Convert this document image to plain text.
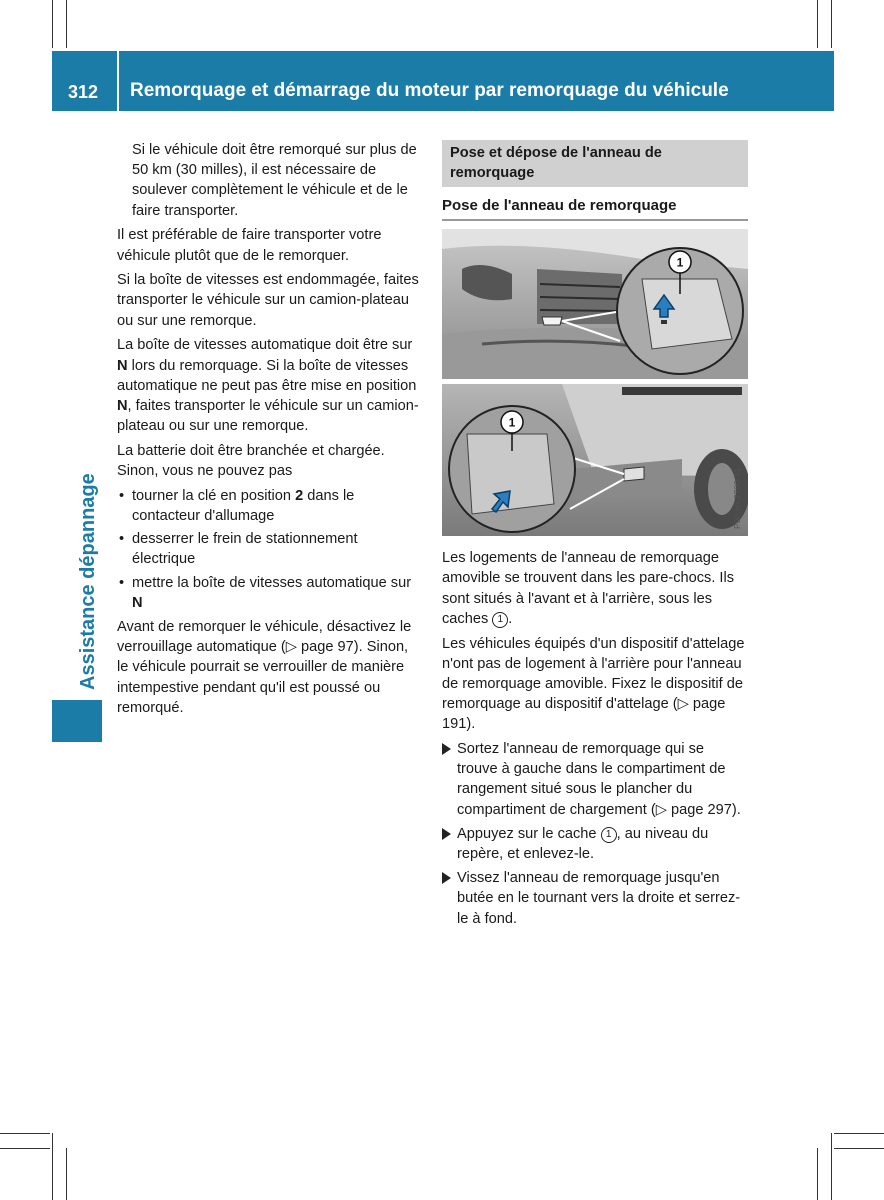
312	Remorquage et démarrage du moteur par remorquage du véhicule
Assistance dépannage

Si le véhicule doit être remorqué sur plus de 50 km (30 milles), il est nécessaire de soulever complètement le véhicule et de le faire transporter.

Il est préférable de faire transporter votre véhicule plutôt que de le remorquer.

Si la boîte de vitesses est endommagée, faites transporter le véhicule sur un camion-plateau ou sur une remorque.

La boîte de vitesses automatique doit être sur N lors du remorquage. Si la boîte de vitesses automatique ne peut pas être mise en position N, faites transporter le véhicule sur un camion-plateau ou sur une remorque.

La batterie doit être branchée et chargée. Sinon, vous ne pouvez pas

• tourner la clé en position 2 dans le contacteur d'allumage
• desserrer le frein de stationnement électrique
• mettre la boîte de vitesses automatique sur N

Avant de remorquer le véhicule, désactivez le verrouillage automatique (▷ page 97). Sinon, le véhicule pourrait se verrouiller de manière intempestive pendant qu'il est poussé ou remorqué.

Pose et dépose de l'anneau de remorquage
Pose de l'anneau de remorquage
1
1
P00.60-2700-31

Les logements de l'anneau de remorquage amovible se trouvent dans les pare-chocs. Ils sont situés à l'avant et à l'arrière, sous les caches 1 .

Les véhicules équipés d'un dispositif d'attelage n'ont pas de logement à l'arrière pour l'anneau de remorquage amovible. Fixez le dispositif de remorquage au dispositif d'attelage (▷ page 191).

Sortez l'anneau de remorquage qui se trouve à gauche dans le compartiment de rangement situé sous le plancher du compartiment de chargement (▷ page 297).
Appuyez sur le cache 1 , au niveau du repère, et enlevez-le.
Vissez l'anneau de remorquage jusqu'en butée en le tournant vers la droite et serrez-le à fond.
